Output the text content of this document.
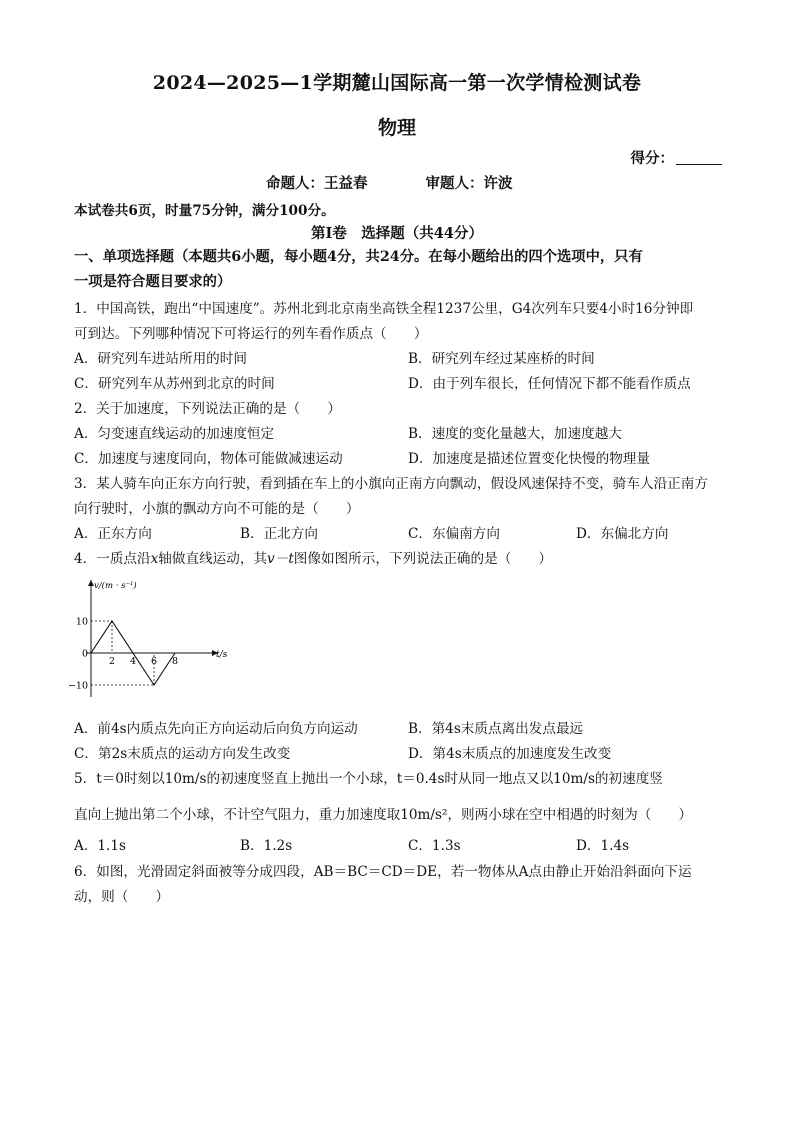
2024—2025—1学期麓山国际高一第一次学情检测试卷
物理
得分：
命题人：王益春	审题人：许波
本试卷共6页，时量75分钟，满分100分。
第Ⅰ卷　选择题（共44分）
一、单项选择题（本题共6小题，每小题4分，共24分。在每小题给出的四个选项中，只有
一项是符合题目要求的）
1．中国高铁，跑出“中国速度”。苏州北到北京南坐高铁全程1237公里，G4次列车只要4小时16分钟即
可到达。下列哪种情况下可将运行的列车看作质点（　　）
A．研究列车进站所用的时间	B．研究列车经过某座桥的时间
C．研究列车从苏州到北京的时间	D．由于列车很长，任何情况下都不能看作质点
2．关于加速度，下列说法正确的是（　　）
A．匀变速直线运动的加速度恒定	B．速度的变化量越大，加速度越大
C．加速度与速度同向，物体可能做减速运动	D．加速度是描述位置变化快慢的物理量
3．某人骑车向正东方向行驶，看到插在车上的小旗向正南方向飘动，假设风速保持不变，骑车人沿正南方
向行驶时，小旗的飘动方向不可能的是（　　）
A．正东方向	B．正北方向	C．东偏南方向	D．东偏北方向
4．一质点沿x轴做直线运动，其v－t图像如图所示，下列说法正确的是（　　）
v/(m · s⁻¹)
t/s
2 4 6 8
10
0
−10
A．前4s内质点先向正方向运动后向负方向运动	B．第4s末质点离出发点最远
C．第2s末质点的运动方向发生改变	D．第4s末质点的加速度发生改变
5．t＝0时刻以10m/s的初速度竖直上抛出一个小球，t＝0.4s时从同一地点又以10m/s的初速度竖
直向上抛出第二个小球，不计空气阻力，重力加速度取10m/s²，则两小球在空中相遇的时刻为（　　）
A．1.1s	B．1.2s	C．1.3s	D．1.4s
6．如图，光滑固定斜面被等分成四段，AB＝BC＝CD＝DE，若一物体从A点由静止开始沿斜面向下运
动，则（　　）
